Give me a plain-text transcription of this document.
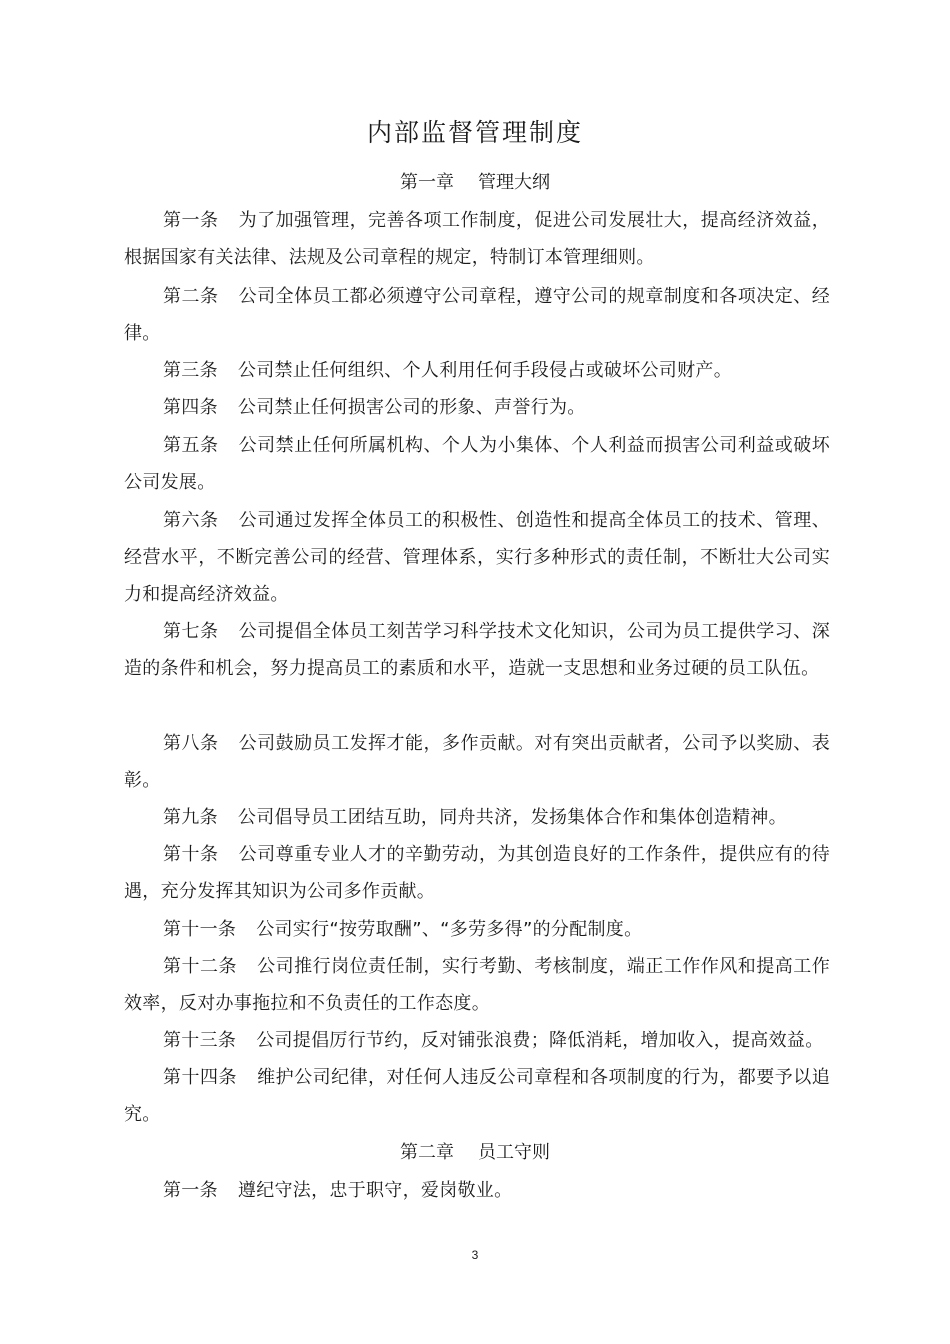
内部监督管理制度
第一章 管理大纲

第一条 为了加强管理，完善各项工作制度，促进公司发展壮大，提高经济效益，根据国家有关法律、法规及公司章程的规定，特制订本管理细则。

第二条 公司全体员工都必须遵守公司章程，遵守公司的规章制度和各项决定、经律。

第三条 公司禁止任何组织、个人利用任何手段侵占或破坏公司财产。

第四条 公司禁止任何损害公司的形象、声誉行为。

第五条 公司禁止任何所属机构、个人为小集体、个人利益而损害公司利益或破坏公司发展。

第六条 公司通过发挥全体员工的积极性、创造性和提高全体员工的技术、管理、经营水平，不断完善公司的经营、管理体系，实行多种形式的责任制，不断壮大公司实力和提高经济效益。

第七条 公司提倡全体员工刻苦学习科学技术文化知识，公司为员工提供学习、深造的条件和机会，努力提高员工的素质和水平，造就一支思想和业务过硬的员工队伍。

第八条 公司鼓励员工发挥才能，多作贡献。对有突出贡献者，公司予以奖励、表彰。

第九条 公司倡导员工团结互助，同舟共济，发扬集体合作和集体创造精神。

第十条 公司尊重专业人才的辛勤劳动，为其创造良好的工作条件，提供应有的待遇，充分发挥其知识为公司多作贡献。

第十一条 公司实行“按劳取酬”、“多劳多得”的分配制度。

第十二条 公司推行岗位责任制，实行考勤、考核制度，端正工作作风和提高工作效率，反对办事拖拉和不负责任的工作态度。

第十三条 公司提倡厉行节约，反对铺张浪费；降低消耗，增加收入，提高效益。

第十四条 维护公司纪律，对任何人违反公司章程和各项制度的行为，都要予以追究。

第二章 员工守则

第一条 遵纪守法，忠于职守，爱岗敬业。

3
